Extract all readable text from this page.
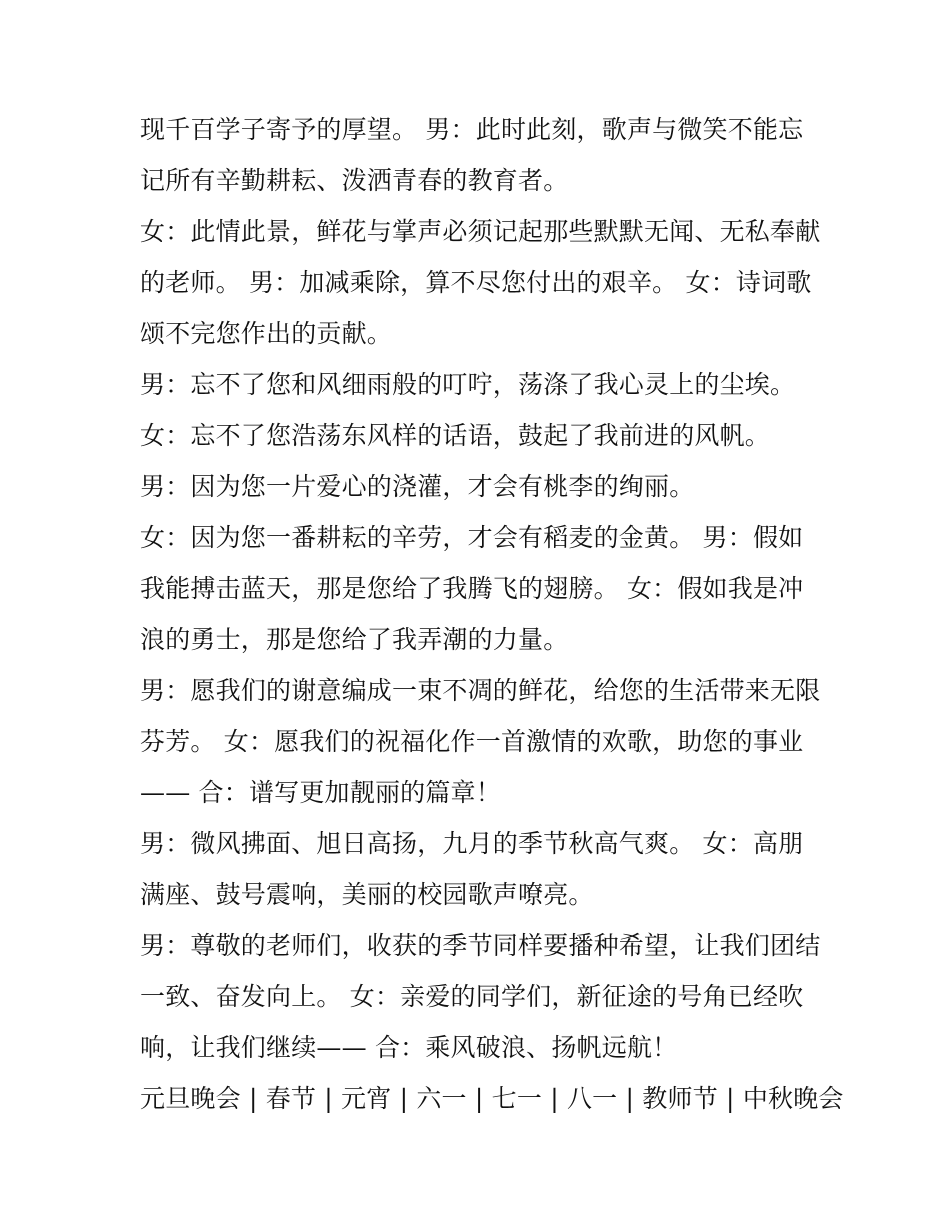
现千百学子寄予的厚望。 男：此时此刻，歌声与微笑不能忘
记所有辛勤耕耘、泼洒青春的教育者。
女：此情此景，鲜花与掌声必须记起那些默默无闻、无私奉献
的老师。 男：加减乘除，算不尽您付出的艰辛。 女：诗词歌
颂不完您作出的贡献。
男：忘不了您和风细雨般的叮咛，荡涤了我心灵上的尘埃。
女：忘不了您浩荡东风样的话语，鼓起了我前进的风帆。
男：因为您一片爱心的浇灌，才会有桃李的绚丽。
女：因为您一番耕耘的辛劳，才会有稻麦的金黄。 男：假如
我能搏击蓝天，那是您给了我腾飞的翅膀。 女：假如我是冲
浪的勇士，那是您给了我弄潮的力量。
男：愿我们的谢意编成一束不凋的鲜花，给您的生活带来无限
芬芳。 女：愿我们的祝福化作一首激情的欢歌，助您的事业
—— 合：谱写更加靓丽的篇章！
男：微风拂面、旭日高扬，九月的季节秋高气爽。 女：高朋
满座、鼓号震响，美丽的校园歌声嘹亮。
男：尊敬的老师们，收获的季节同样要播种希望，让我们团结
一致、奋发向上。 女：亲爱的同学们，新征途的号角已经吹
响，让我们继续—— 合：乘风破浪、扬帆远航！
元旦晚会 | 春节 | 元宵 | 六一 | 七一 | 八一 | 教师节 | 中秋晚会
